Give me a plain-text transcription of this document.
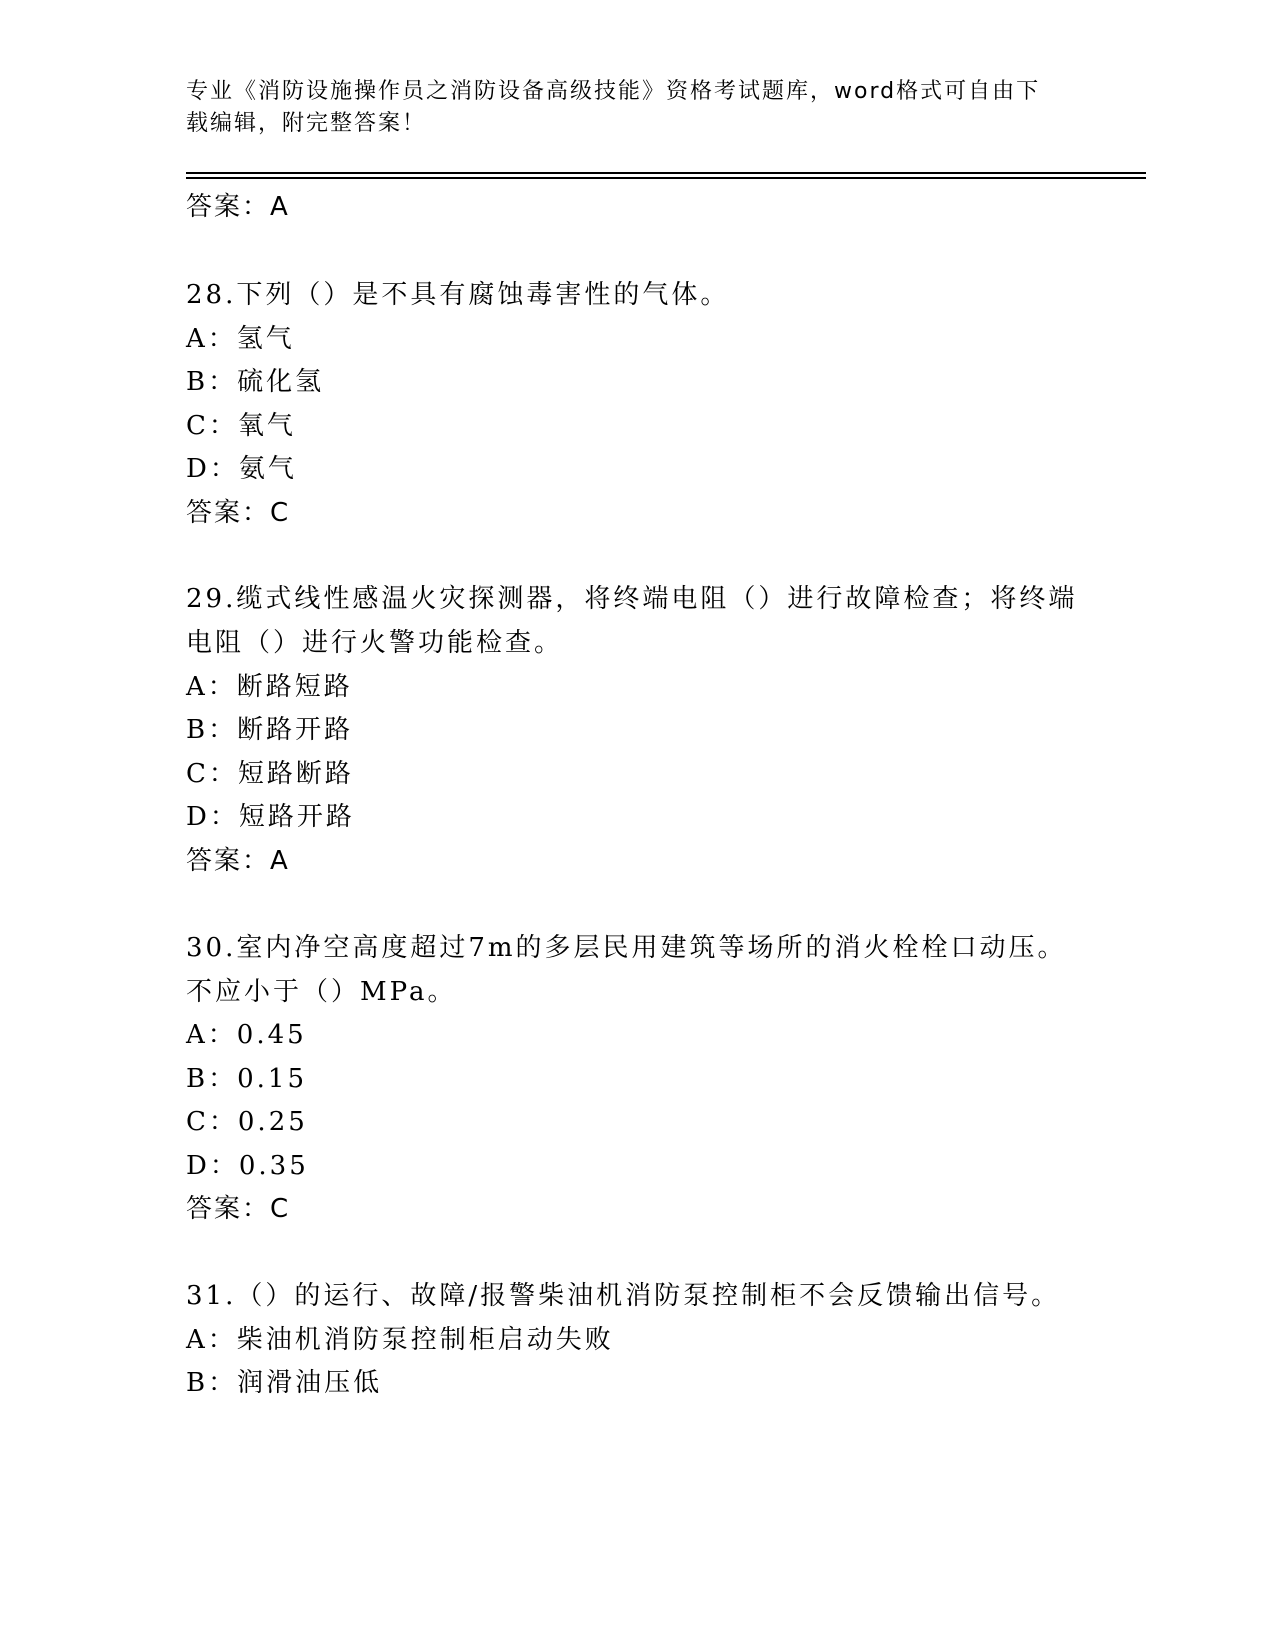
专业《消防设施操作员之消防设备高级技能》资格考试题库，word格式可自由下
载编辑，附完整答案！
答案：A
28.下列（）是不具有腐蚀毒害性的气体。
A：氢气
B：硫化氢
C：氧气
D：氨气
答案：C
29.缆式线性感温火灾探测器，将终端电阻（）进行故障检查；将终端
电阻（）进行火警功能检查。
A：断路短路
B：断路开路
C：短路断路
D：短路开路
答案：A
30.室内净空高度超过7m的多层民用建筑等场所的消火栓栓口动压。
不应小于（）MPa。
A：0.45
B：0.15
C：0.25
D：0.35
答案：C
31.（）的运行、故障/报警柴油机消防泵控制柜不会反馈输出信号。
A：柴油机消防泵控制柜启动失败
B：润滑油压低
